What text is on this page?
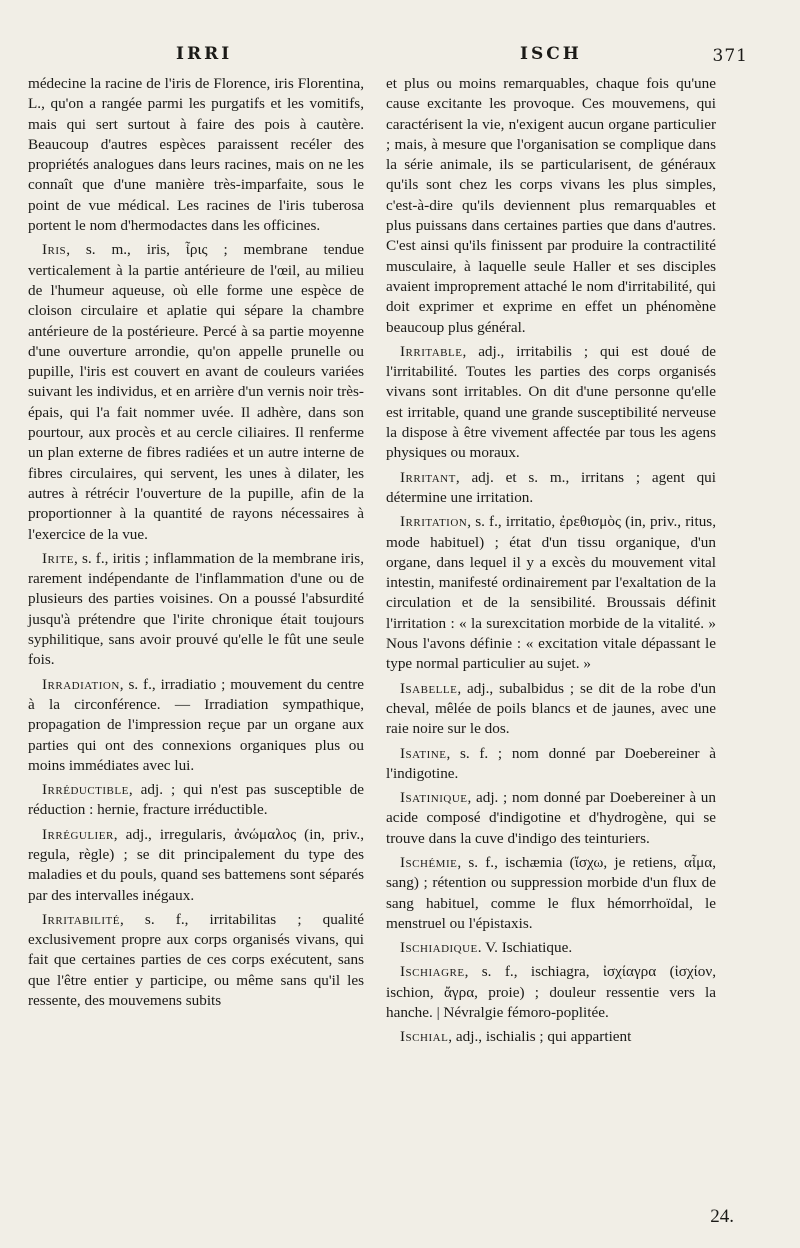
IRRI	ISCH	371

médecine la racine de l'iris de Florence, iris Florentina, L., qu'on a rangée parmi les purgatifs et les vomitifs, mais qui sert surtout à faire des pois à cautère. Beaucoup d'autres espèces paraissent recéler des propriétés analogues dans leurs racines, mais on ne les connaît que d'une manière très-imparfaite, sous le point de vue médical. Les racines de l'iris tuberosa portent le nom d'hermodactes dans les officines.

Iris, s. m., iris, ἶρις ; membrane tendue verticalement à la partie antérieure de l'œil, au milieu de l'humeur aqueuse, où elle forme une espèce de cloison circulaire et aplatie qui sépare la chambre antérieure de la postérieure. Percé à sa partie moyenne d'une ouverture arrondie, qu'on appelle prunelle ou pupille, l'iris est couvert en avant de couleurs variées suivant les individus, et en arrière d'un vernis noir très-épais, qui l'a fait nommer uvée. Il adhère, dans son pourtour, aux procès et au cercle ciliaires. Il renferme un plan externe de fibres radiées et un autre interne de fibres circulaires, qui servent, les unes à dilater, les autres à rétrécir l'ouverture de la pupille, afin de la proportionner à la quantité de rayons nécessaires à l'exercice de la vue.

Irite, s. f., iritis ; inflammation de la membrane iris, rarement indépendante de l'inflammation d'une ou de plusieurs des parties voisines. On a poussé l'absurdité jusqu'à prétendre que l'irite chronique était toujours syphilitique, sans avoir prouvé qu'elle le fût une seule fois.

Irradiation, s. f., irradiatio ; mouvement du centre à la circonférence. — Irradiation sympathique, propagation de l'impression reçue par un organe aux parties qui ont des connexions organiques plus ou moins immédiates avec lui.

Irréductible, adj. ; qui n'est pas susceptible de réduction : hernie, fracture irréductible.

Irrégulier, adj., irregularis, ἀνώμαλος (in, priv., regula, règle) ; se dit principalement du type des maladies et du pouls, quand ses battemens sont séparés par des intervalles inégaux.

Irritabilité, s. f., irritabilitas ; qualité exclusivement propre aux corps organisés vivans, qui fait que certaines parties de ces corps exécutent, sans que l'être entier y participe, ou même sans qu'il les ressente, des mouvemens subits

et plus ou moins remarquables, chaque fois qu'une cause excitante les provoque. Ces mouvemens, qui caractérisent la vie, n'exigent aucun organe particulier ; mais, à mesure que l'organisation se complique dans la série animale, ils se particularisent, de généraux qu'ils sont chez les corps vivans les plus simples, c'est-à-dire qu'ils deviennent plus remarquables et plus puissans dans certaines parties que dans d'autres. C'est ainsi qu'ils finissent par produire la contractilité musculaire, à laquelle seule Haller et ses disciples avaient improprement attaché le nom d'irritabilité, qui doit exprimer et exprime en effet un phénomène beaucoup plus général.

Irritable, adj., irritabilis ; qui est doué de l'irritabilité. Toutes les parties des corps organisés vivans sont irritables. On dit d'une personne qu'elle est irritable, quand une grande susceptibilité nerveuse la dispose à être vivement affectée par tous les agens physiques ou moraux.

Irritant, adj. et s. m., irritans ; agent qui détermine une irritation.

Irritation, s. f., irritatio, ἐρεθισμὸς (in, priv., ritus, mode habituel) ; état d'un tissu organique, d'un organe, dans lequel il y a excès du mouvement vital intestin, manifesté ordinairement par l'exaltation de la circulation et de la sensibilité. Broussais définit l'irritation : « la surexcitation morbide de la vitalité. » Nous l'avons définie : « excitation vitale dépassant le type normal particulier au sujet. »

Isabelle, adj., subalbidus ; se dit de la robe d'un cheval, mêlée de poils blancs et de jaunes, avec une raie noire sur le dos.

Isatine, s. f. ; nom donné par Doebereiner à l'indigotine.

Isatinique, adj. ; nom donné par Doebereiner à un acide composé d'indigotine et d'hydrogène, qui se trouve dans la cuve d'indigo des teinturiers.

Ischémie, s. f., ischæmia (ἴσχω, je retiens, αἷμα, sang) ; rétention ou suppression morbide d'un flux de sang habituel, comme le flux hémorrhoïdal, le menstruel ou l'épistaxis.

Ischiadique. V. Ischiatique.

Ischiagre, s. f., ischiagra, ἰσχίαγρα (ἰσχίον, ischion, ἄγρα, proie) ; douleur ressentie vers la hanche. | Névralgie fémoro-poplitée.

Ischial, adj., ischialis ; qui appartient

24.
